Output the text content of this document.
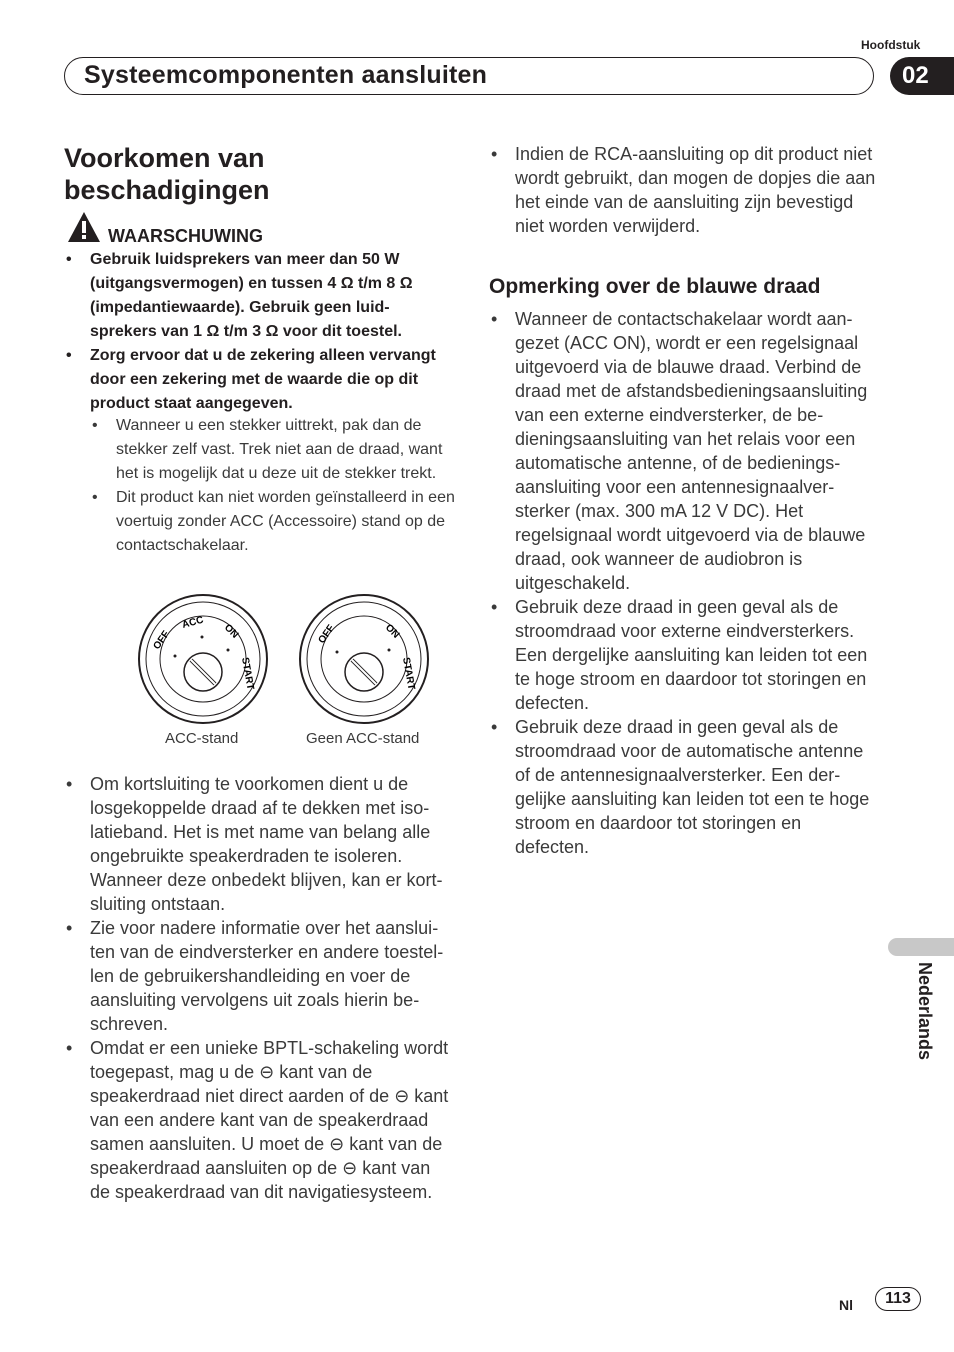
Hoofdstuk
Systeemcomponenten aansluiten	02
Voorkomen van beschadigingen
WAARSCHUWING
• Gebruik luidsprekers van meer dan 50 W (uitgangsvermogen) en tussen 4 Ω t/m 8 Ω (impedantiewaarde). Gebruik geen luidsprekers van 1 Ω t/m 3 Ω voor dit toestel.
• Zorg ervoor dat u de zekering alleen vervangt door een zekering met de waarde die op dit product staat aangegeven.
• Wanneer u een stekker uittrekt, pak dan de stekker zelf vast. Trek niet aan de draad, want het is mogelijk dat u deze uit de stekker trekt.
• Dit product kan niet worden geïnstalleerd in een voertuig zonder ACC (Accessoire) stand op de contactschakelaar.
OFF
ACC ON
START
OFF	ON
START
ACC-stand	Geen ACC-stand
• Om kortsluiting te voorkomen dient u de losgekoppelde draad af te dekken met isolatieband. Het is met name van belang alle ongebruikte speakerdraden te isoleren. Wanneer deze onbedekt blijven, kan er kortsluiting ontstaan.
• Zie voor nadere informatie over het aansluiten van de eindversterker en andere toestellen de gebruikershandleiding en voer de aansluiting vervolgens uit zoals hierin beschreven.
• Omdat er een unieke BPTL-schakeling wordt toegepast, mag u de ⊖ kant van de speakerdraad niet direct aarden of de ⊖ kant van een andere kant van de speakerdraad samen aansluiten. U moet de ⊖ kant van de speakerdraad aansluiten op de ⊖ kant van de speakerdraad van dit navigatiesysteem.
• Indien de RCA-aansluiting op dit product niet wordt gebruikt, dan mogen de dopjes die aan het einde van de aansluiting zijn bevestigd niet worden verwijderd.
Opmerking over de blauwe draad
• Wanneer de contactschakelaar wordt aangezet (ACC ON), wordt er een regelsignaal uitgevoerd via de blauwe draad. Verbind de draad met de afstandsbedieningsaansluiting van een externe eindversterker, de bedieningsaansluiting van het relais voor een automatische antenne, of de bedieningsaansluiting voor een antennesignaalversterker (max. 300 mA 12 V DC). Het regelsignaal wordt uitgevoerd via de blauwe draad, ook wanneer de audiobron is uitgeschakeld.
• Gebruik deze draad in geen geval als de stroomdraad voor externe eindversterkers. Een dergelijke aansluiting kan leiden tot een te hoge stroom en daardoor tot storingen en defecten.
• Gebruik deze draad in geen geval als de stroomdraad voor de automatische antenne of de antennesignaalversterker. Een dergelijke aansluiting kan leiden tot een te hoge stroom en daardoor tot storingen en defecten.
Nederlands
Nl	113
